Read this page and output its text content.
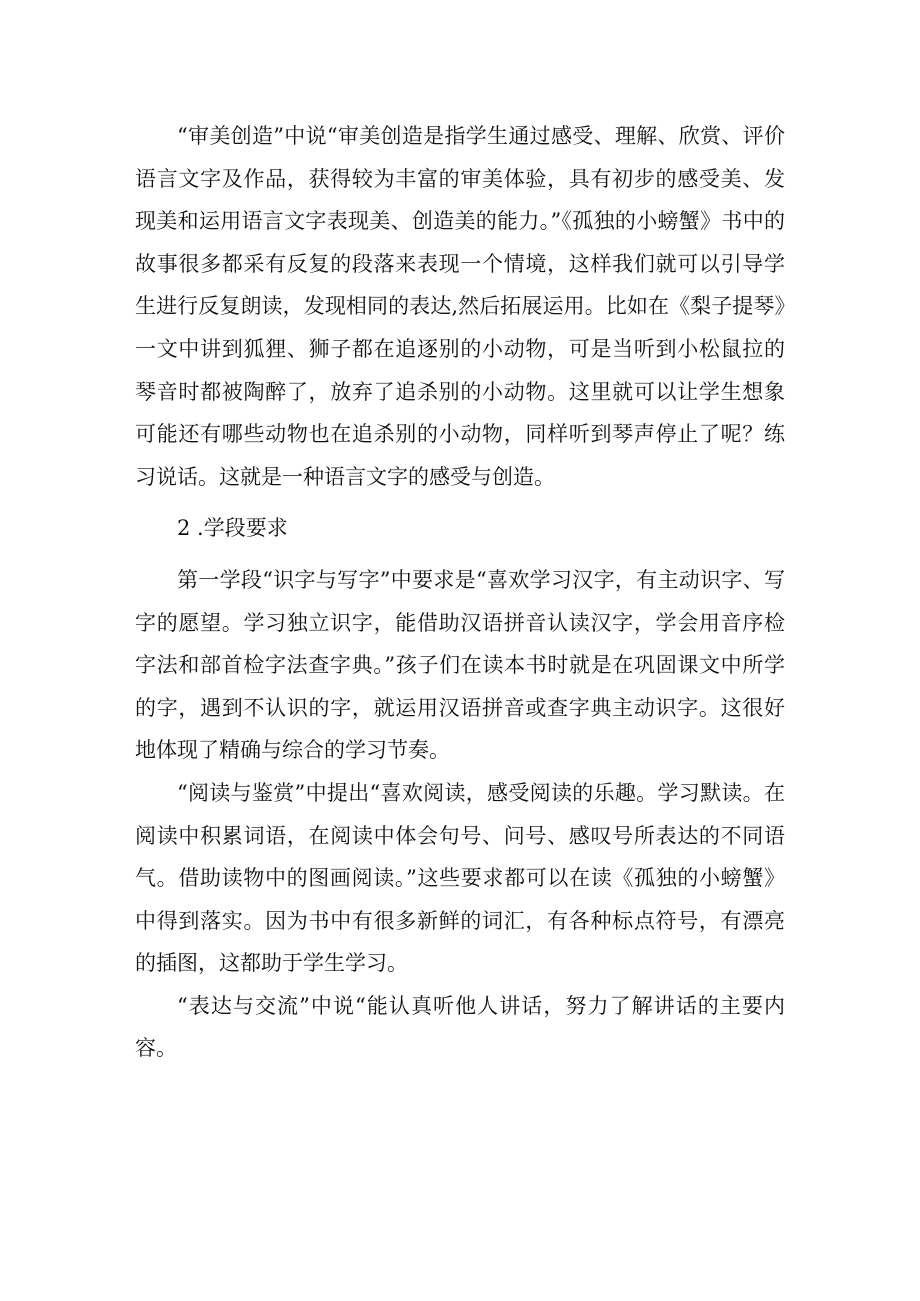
“审美创造”中说“审美创造是指学生通过感受、理解、欣赏、评价语言文字及作品，获得较为丰富的审美体验，具有初步的感受美、发现美和运用语言文字表现美、创造美的能力。”《孤独的小螃蟹》书中的故事很多都采有反复的段落来表现一个情境，这样我们就可以引导学生进行反复朗读，发现相同的表达,然后拓展运用。比如在《梨子提琴》一文中讲到狐狸、狮子都在追逐别的小动物，可是当听到小松鼠拉的琴音时都被陶醉了，放弃了追杀别的小动物。这里就可以让学生想象可能还有哪些动物也在追杀别的小动物，同样听到琴声停止了呢？练习说话。这就是一种语言文字的感受与创造。

2 .学段要求

第一学段“识字与写字”中要求是“喜欢学习汉字，有主动识字、写字的愿望。学习独立识字，能借助汉语拼音认读汉字，学会用音序检字法和部首检字法查字典。”孩子们在读本书时就是在巩固课文中所学的字，遇到不认识的字，就运用汉语拼音或查字典主动识字。这很好地体现了精确与综合的学习节奏。

“阅读与鉴赏”中提出“喜欢阅读，感受阅读的乐趣。学习默读。在阅读中积累词语，在阅读中体会句号、问号、感叹号所表达的不同语气。借助读物中的图画阅读。”这些要求都可以在读《孤独的小螃蟹》中得到落实。因为书中有很多新鲜的词汇，有各种标点符号，有漂亮的插图，这都助于学生学习。

“表达与交流”中说“能认真听他人讲话，努力了解讲话的主要内容。
